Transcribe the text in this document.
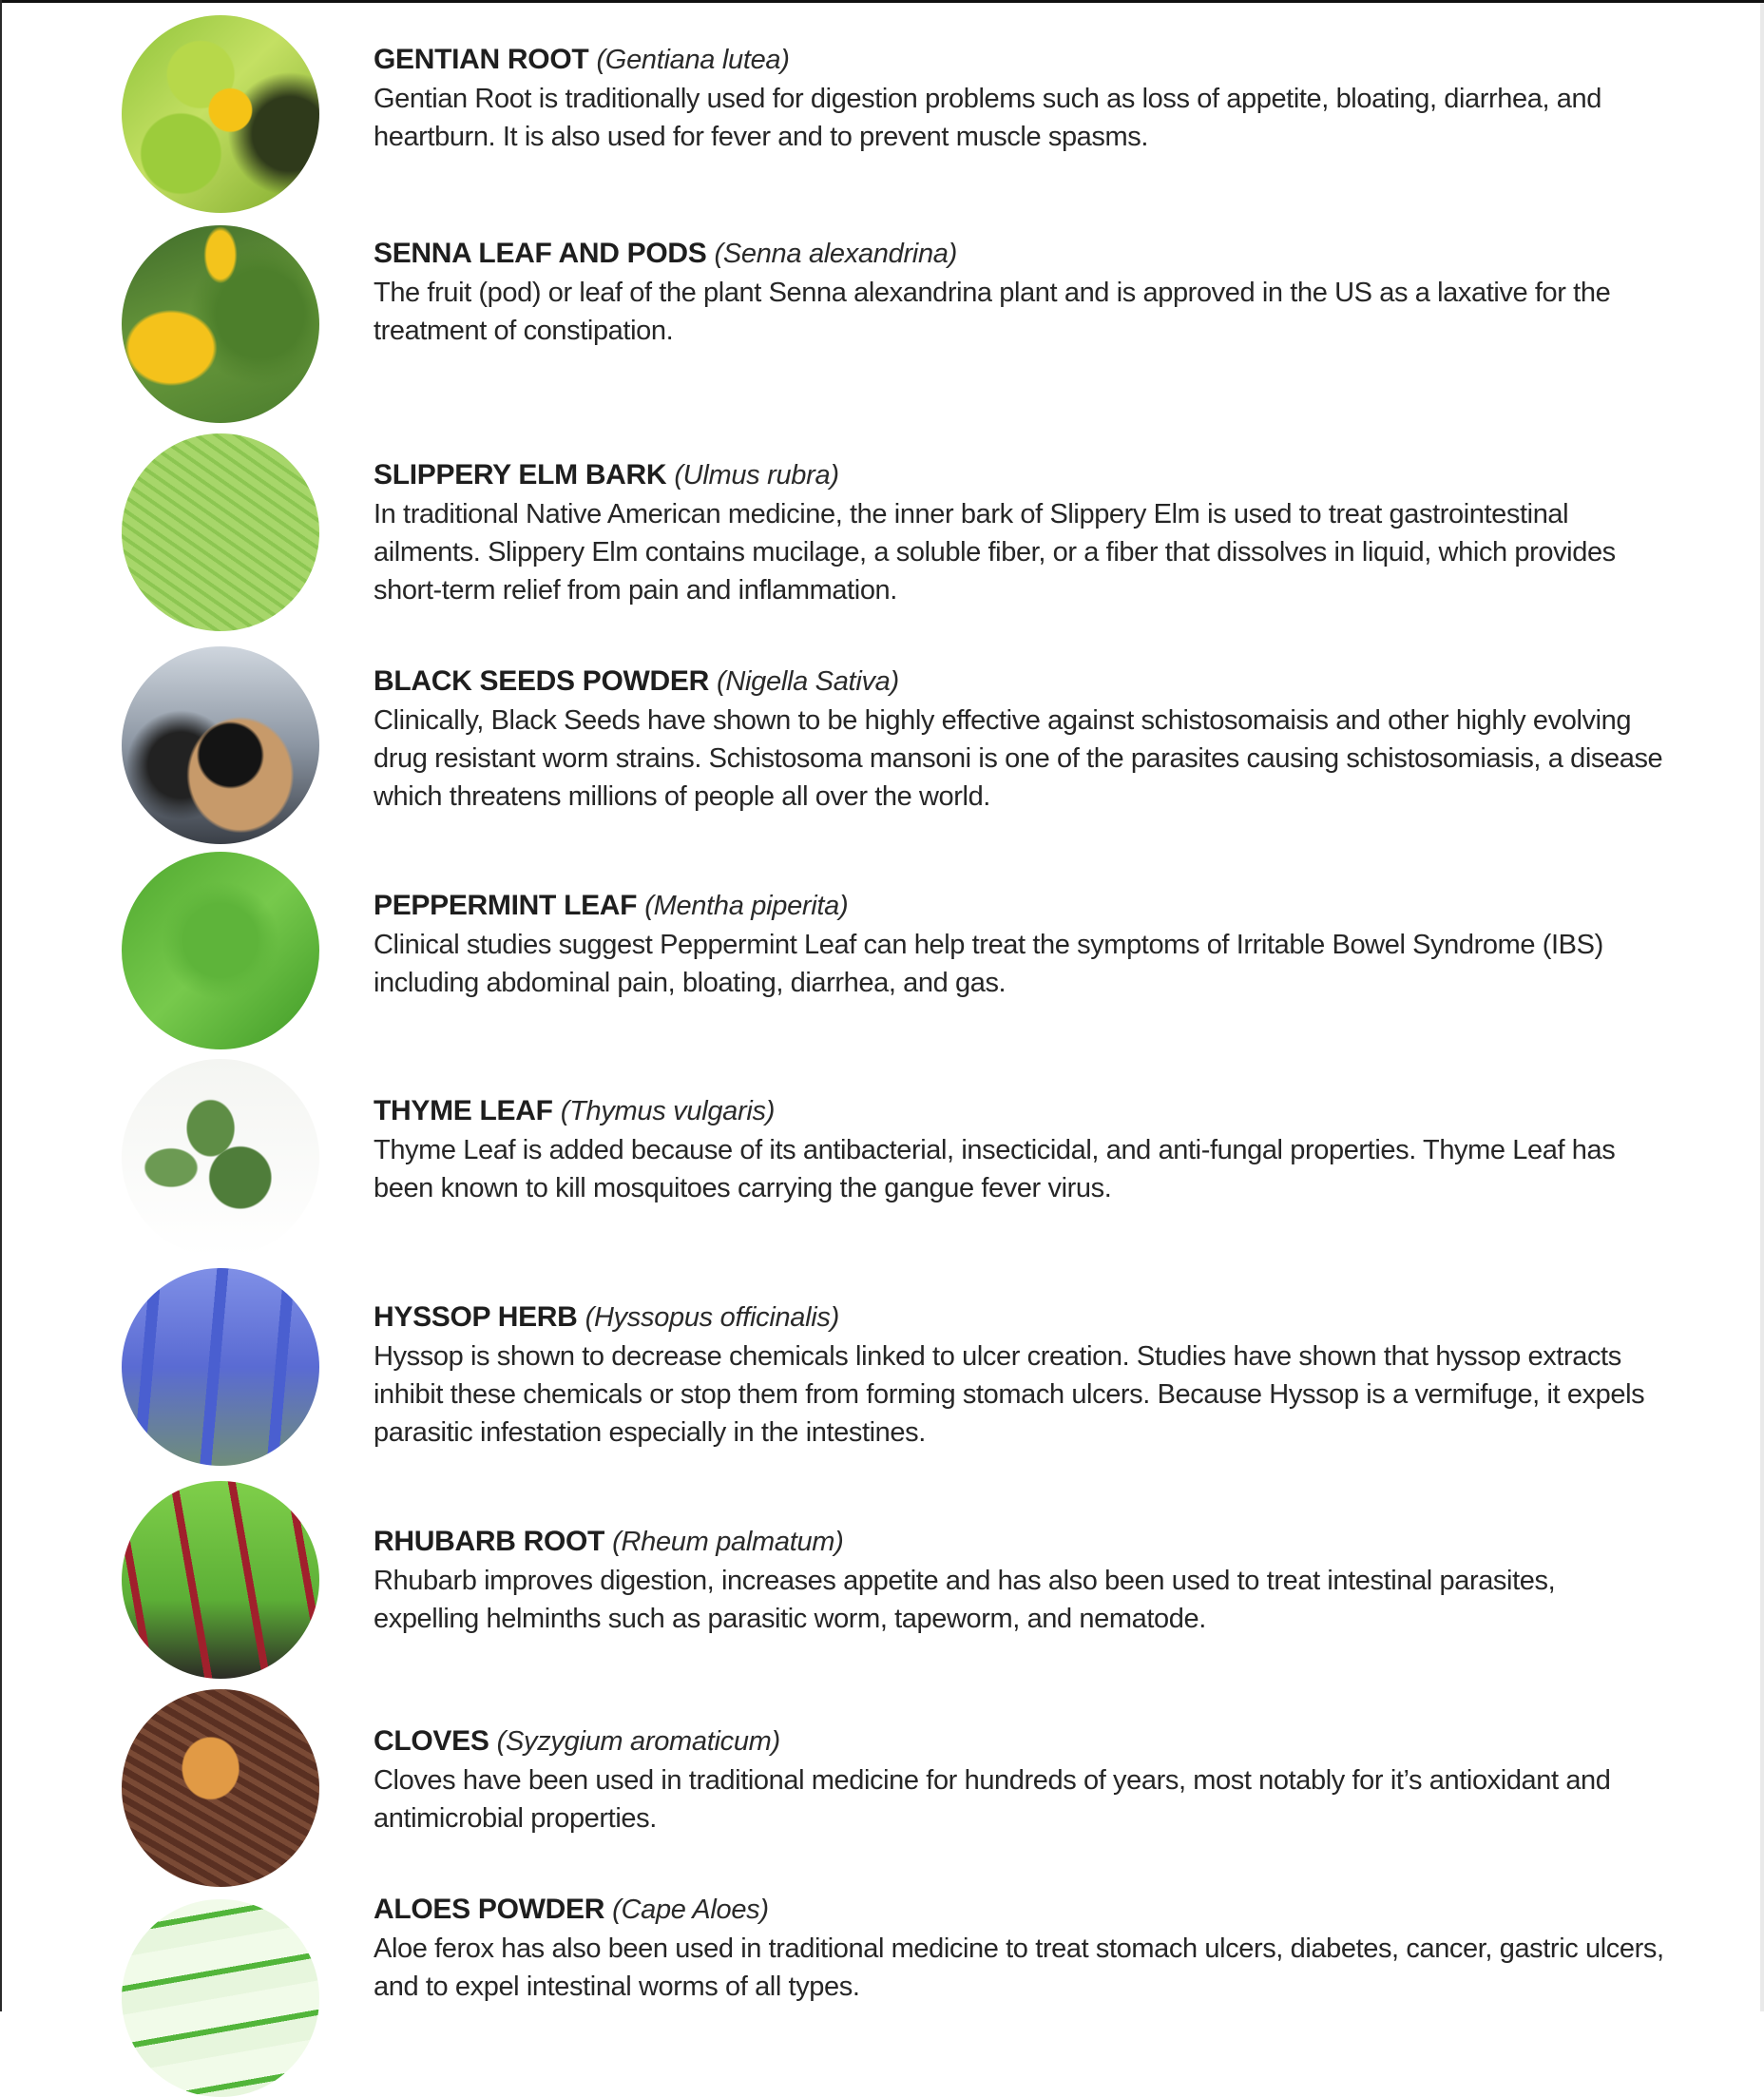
GENTIAN ROOT (Gentiana lutea)

Gentian Root is traditionally used for digestion problems such as loss of appetite, bloating, diarrhea, and heartburn. It is also used for fever and to prevent muscle spasms.

SENNA LEAF AND PODS (Senna alexandrina)

The fruit (pod) or leaf of the plant Senna alexandrina plant and is approved in the US as a laxative for the treatment of constipation.

SLIPPERY ELM BARK (Ulmus rubra)

In traditional Native American medicine, the inner bark of Slippery Elm is used to treat gastrointestinal ailments. Slippery Elm contains mucilage, a soluble fiber, or a fiber that dissolves in liquid, which provides short-term relief from pain and inflammation.

BLACK SEEDS POWDER (Nigella Sativa)

Clinically, Black Seeds have shown to be highly effective against schistosomaisis and other highly evolving drug resistant worm strains. Schistosoma mansoni is one of the parasites causing schistosomiasis, a disease which threatens millions of people all over the world.

PEPPERMINT LEAF (Mentha piperita)

Clinical studies suggest Peppermint Leaf can help treat the symptoms of Irritable Bowel Syndrome (IBS) including abdominal pain, bloating, diarrhea, and gas.

THYME LEAF (Thymus vulgaris)

Thyme Leaf is added because of its antibacterial, insecticidal, and anti-fungal properties. Thyme Leaf has been known to kill mosquitoes carrying the gangue fever virus.

HYSSOP HERB (Hyssopus officinalis)

Hyssop is shown to decrease chemicals linked to ulcer creation. Studies have shown that hyssop extracts inhibit these chemicals or stop them from forming stomach ulcers. Because Hyssop is a vermifuge, it expels parasitic infestation especially in the intestines.

RHUBARB ROOT (Rheum palmatum)

Rhubarb improves digestion, increases appetite and has also been used to treat intestinal parasites, expelling helminths such as parasitic worm, tapeworm, and nematode.

CLOVES (Syzygium aromaticum)

Cloves have been used in traditional medicine for hundreds of years, most notably for it’s antioxidant and antimicrobial properties.

ALOES POWDER (Cape Aloes)

Aloe ferox has also been used in traditional medicine to treat stomach ulcers, diabetes, cancer, gastric ulcers, and to expel intestinal worms of all types.
